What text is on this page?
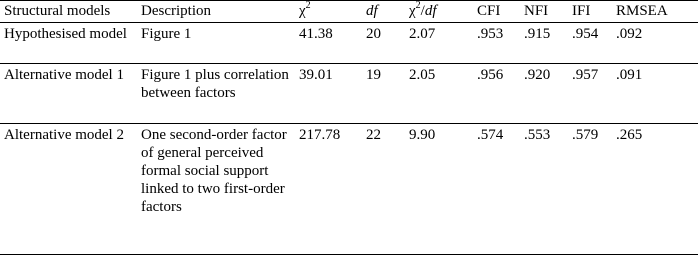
Structural models	Description	$\chi^2$	df	$\chi^2/df$	CFI	NFI	IFI	RMSEA
Hypothesised model	Figure 1	41.38	20	2.07	.953	.915	.954	.092
Alternative model 1	Figure 1 plus correlation between factors	39.01	19	2.05	.956	.920	.957	.091
Alternative model 2	One second-order factor of general perceived formal social support linked to two first-order factors	217.78	22	9.90	.574	.553	.579	.265
